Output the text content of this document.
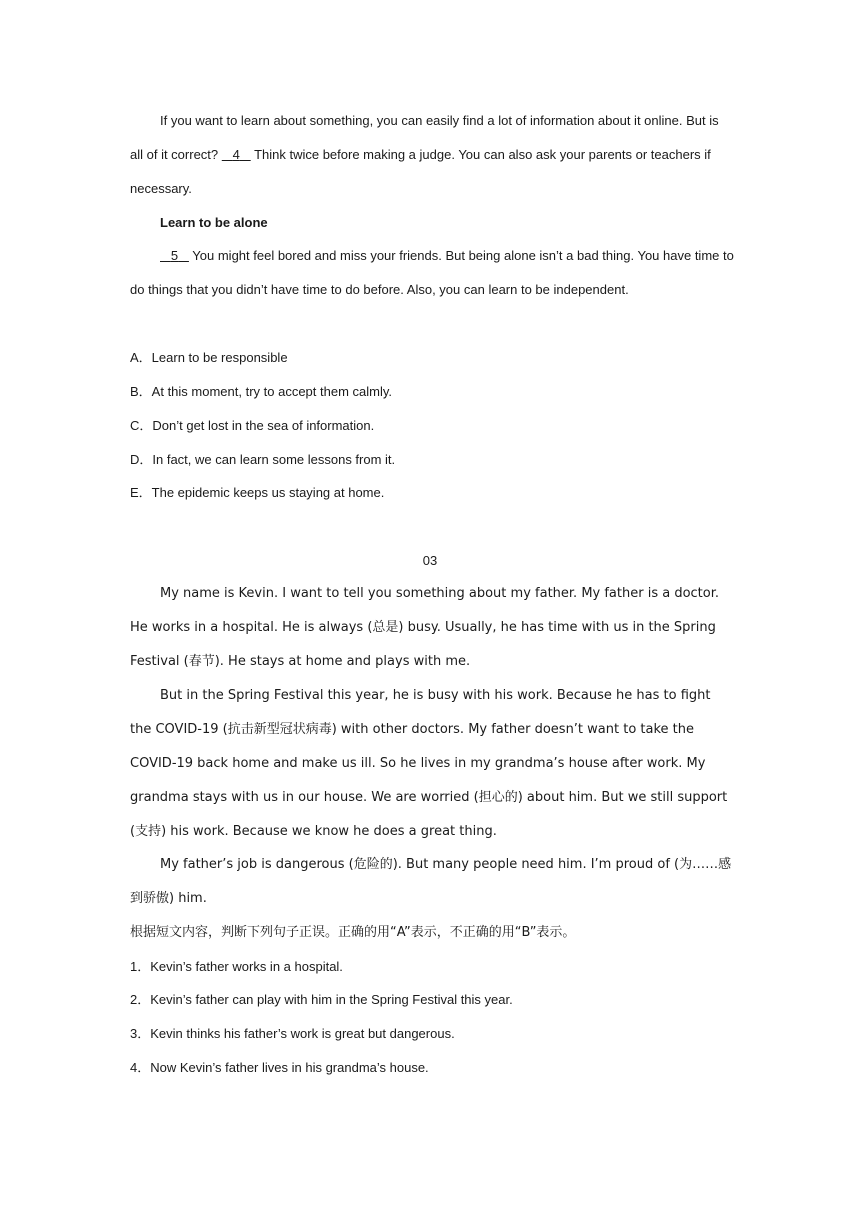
If you want to learn about something, you can easily find a lot of information about it online. But is all of it correct?    4    Think twice before making a judge. You can also ask your parents or teachers if necessary.

Learn to be alone

5    You might feel bored and miss your friends. But being alone isn’t a bad thing. You have time to do things that you didn’t have time to do before. Also, you can learn to be independent.

A．Learn to be responsible

B．At this moment, try to accept them calmly.

C．Don’t get lost in the sea of information.

D．In fact, we can learn some lessons from it.

E．The epidemic keeps us staying at home.

03

My name is Kevin. I want to tell you something about my father. My father is a doctor. He works in a hospital. He is always (总是) busy. Usually, he has time with us in the Spring Festival (春节). He stays at home and plays with me.

But in the Spring Festival this year, he is busy with his work. Because he has to fight the COVID-19 (抗击新型冠状病毒) with other doctors. My father doesn’t want to take the COVID-19 back home and make us ill. So he lives in my grandma’s house after work. My grandma stays with us in our house. We are worried (担心的) about him. But we still support (支持) his work. Because we know he does a great thing.

My father’s job is dangerous (危险的). But many people need him. I’m proud of (为……感到骄傲) him.

根据短文内容，判断下列句子正误。正确的用“A”表示，不正确的用“B”表示。

1．Kevin’s father works in a hospital.

2．Kevin’s father can play with him in the Spring Festival this year.

3．Kevin thinks his father’s work is great but dangerous.

4．Now Kevin’s father lives in his grandma’s house.
